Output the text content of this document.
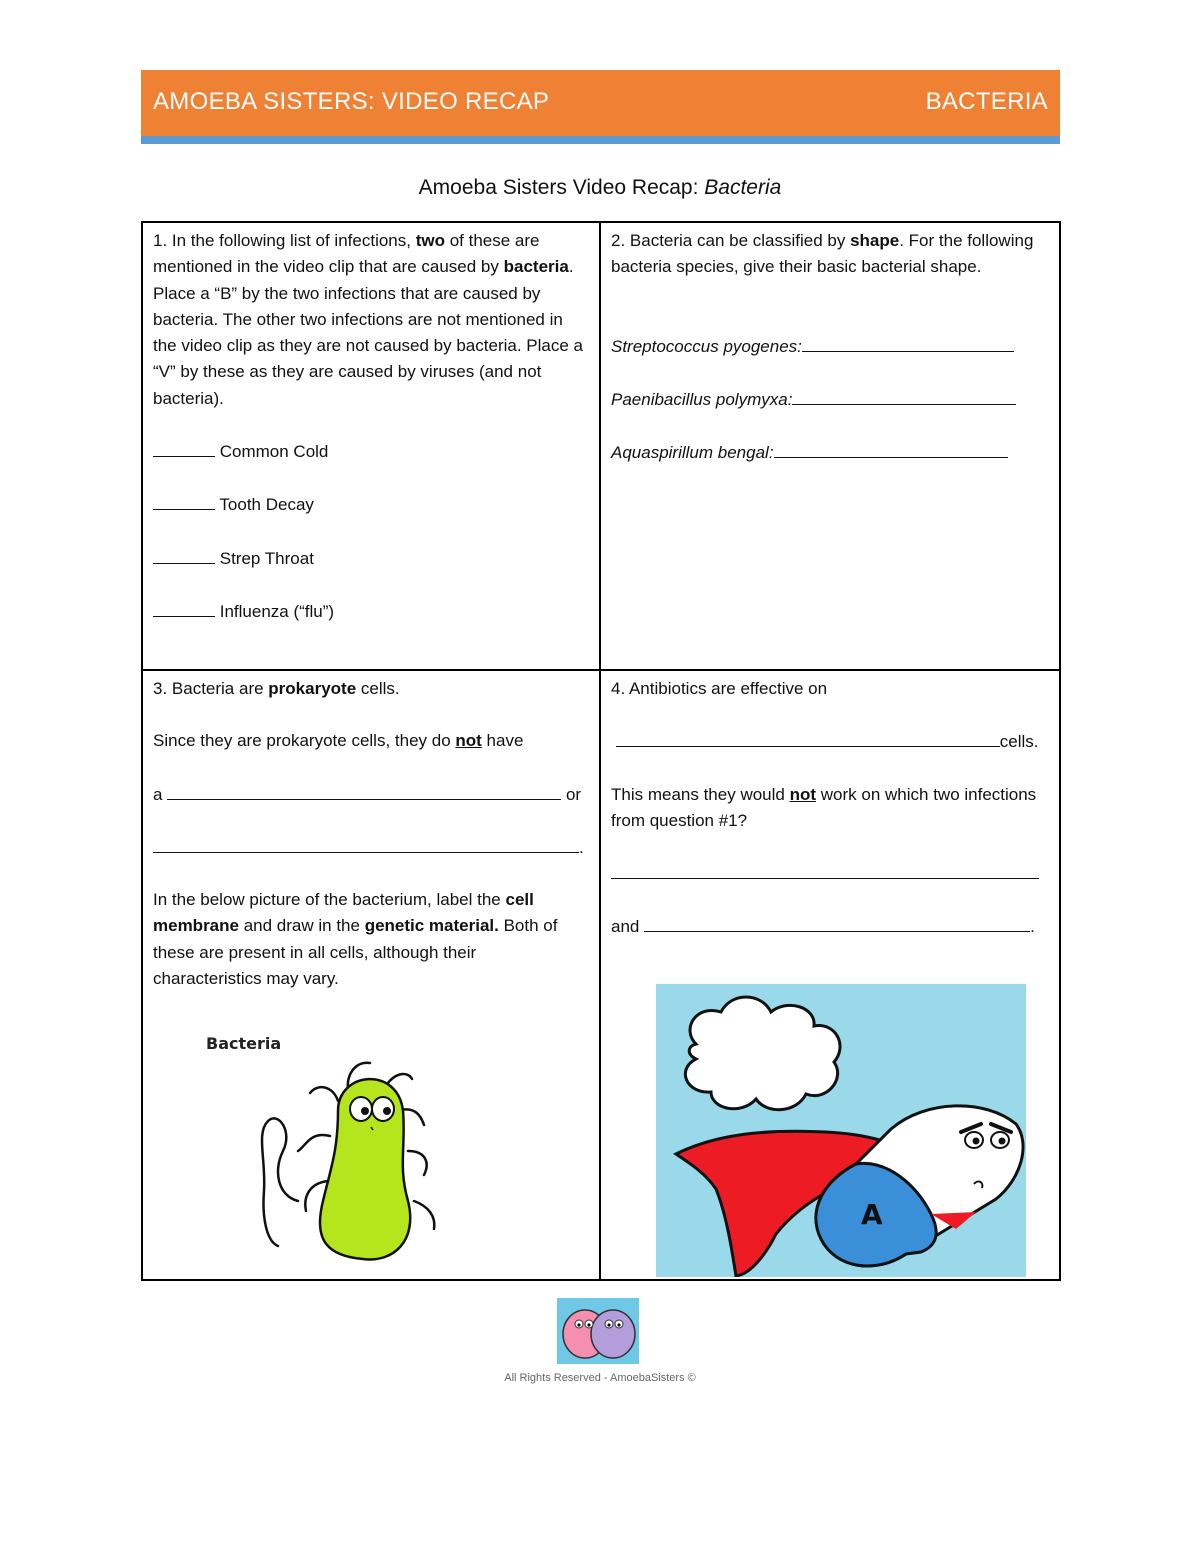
AMOEBA SISTERS: VIDEO RECAP	BACTERIA
Amoeba Sisters Video Recap: Bacteria

1. In the following list of infections, two of these are mentioned in the video clip that are caused by bacteria. Place a “B” by the two infections that are caused by bacteria. The other two infections are not mentioned in the video clip as they are not caused by bacteria. Place a “V” by these as they are caused by viruses (and not bacteria).

Common Cold

Tooth Decay

Strep Throat

Influenza (“flu”)

2. Bacteria can be classified by shape. For the following bacteria species, give their basic bacterial shape.

Streptococcus pyogenes:

Paenibacillus polymyxa:

Aquaspirillum bengal:

3. Bacteria are prokaryote cells.

Since they are prokaryote cells, they do not have

a	or

.

In the below picture of the bacterium, label the cell membrane and draw in the genetic material. Both of these are present in all cells, although their characteristics may vary.

Bacteria

4. Antibiotics are effective on

cells.

This means they would not work on which two infections from question #1?

and	.

A
All Rights Reserved - AmoebaSisters ©
